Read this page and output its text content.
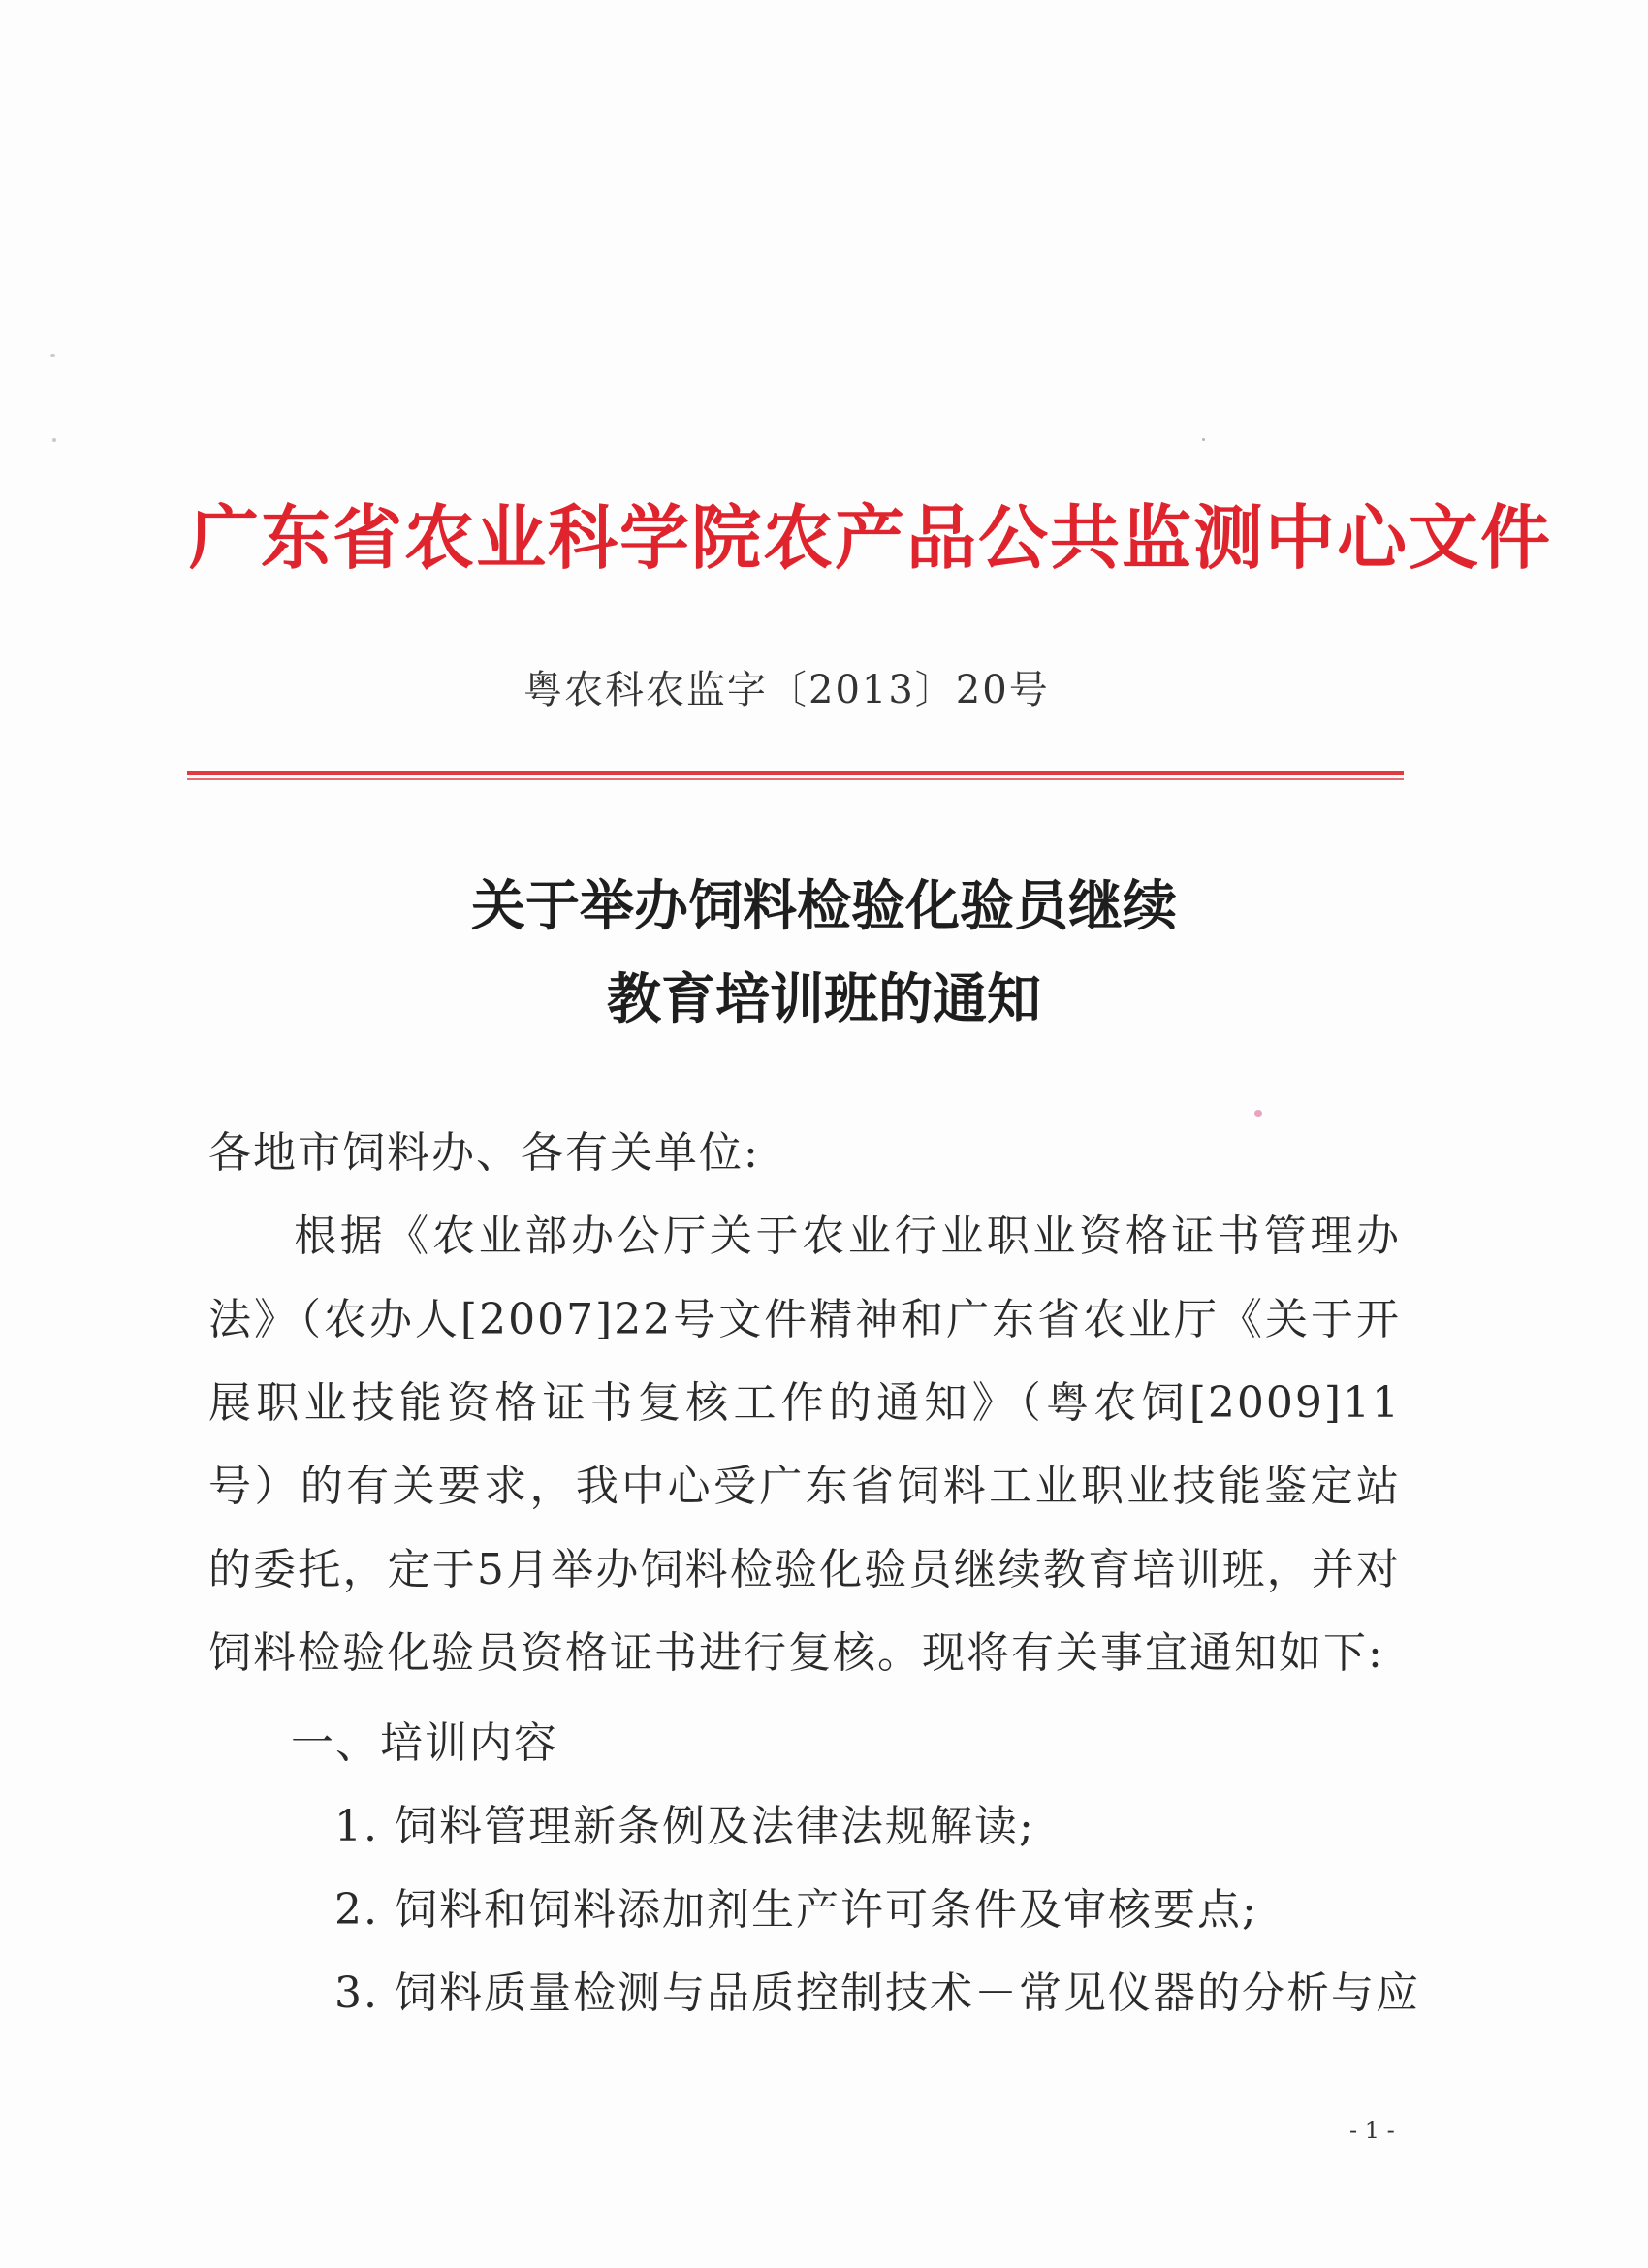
广东省农业科学院农产品公共监测中心文件
粤农科农监字〔2013〕20号
关于举办饲料检验化验员继续
教育培训班的通知
各地市饲料办、各有关单位:
根据《农业部办公厅关于农业行业职业资格证书管理办法》（农办人[2007]22号文件精神和广东省农业厅《关于开展职业技能资格证书复核工作的通知》（粤农饲[2009]11号）的有关要求，我中心受广东省饲料工业职业技能鉴定站的委托，定于5月举办饲料检验化验员继续教育培训班，并对饲料检验化验员资格证书进行复核。现将有关事宜通知如下:
一、培训内容
1. 饲料管理新条例及法律法规解读;
2. 饲料和饲料添加剂生产许可条件及审核要点;
3. 饲料质量检测与品质控制技术－常见仪器的分析与应
- 1 -
